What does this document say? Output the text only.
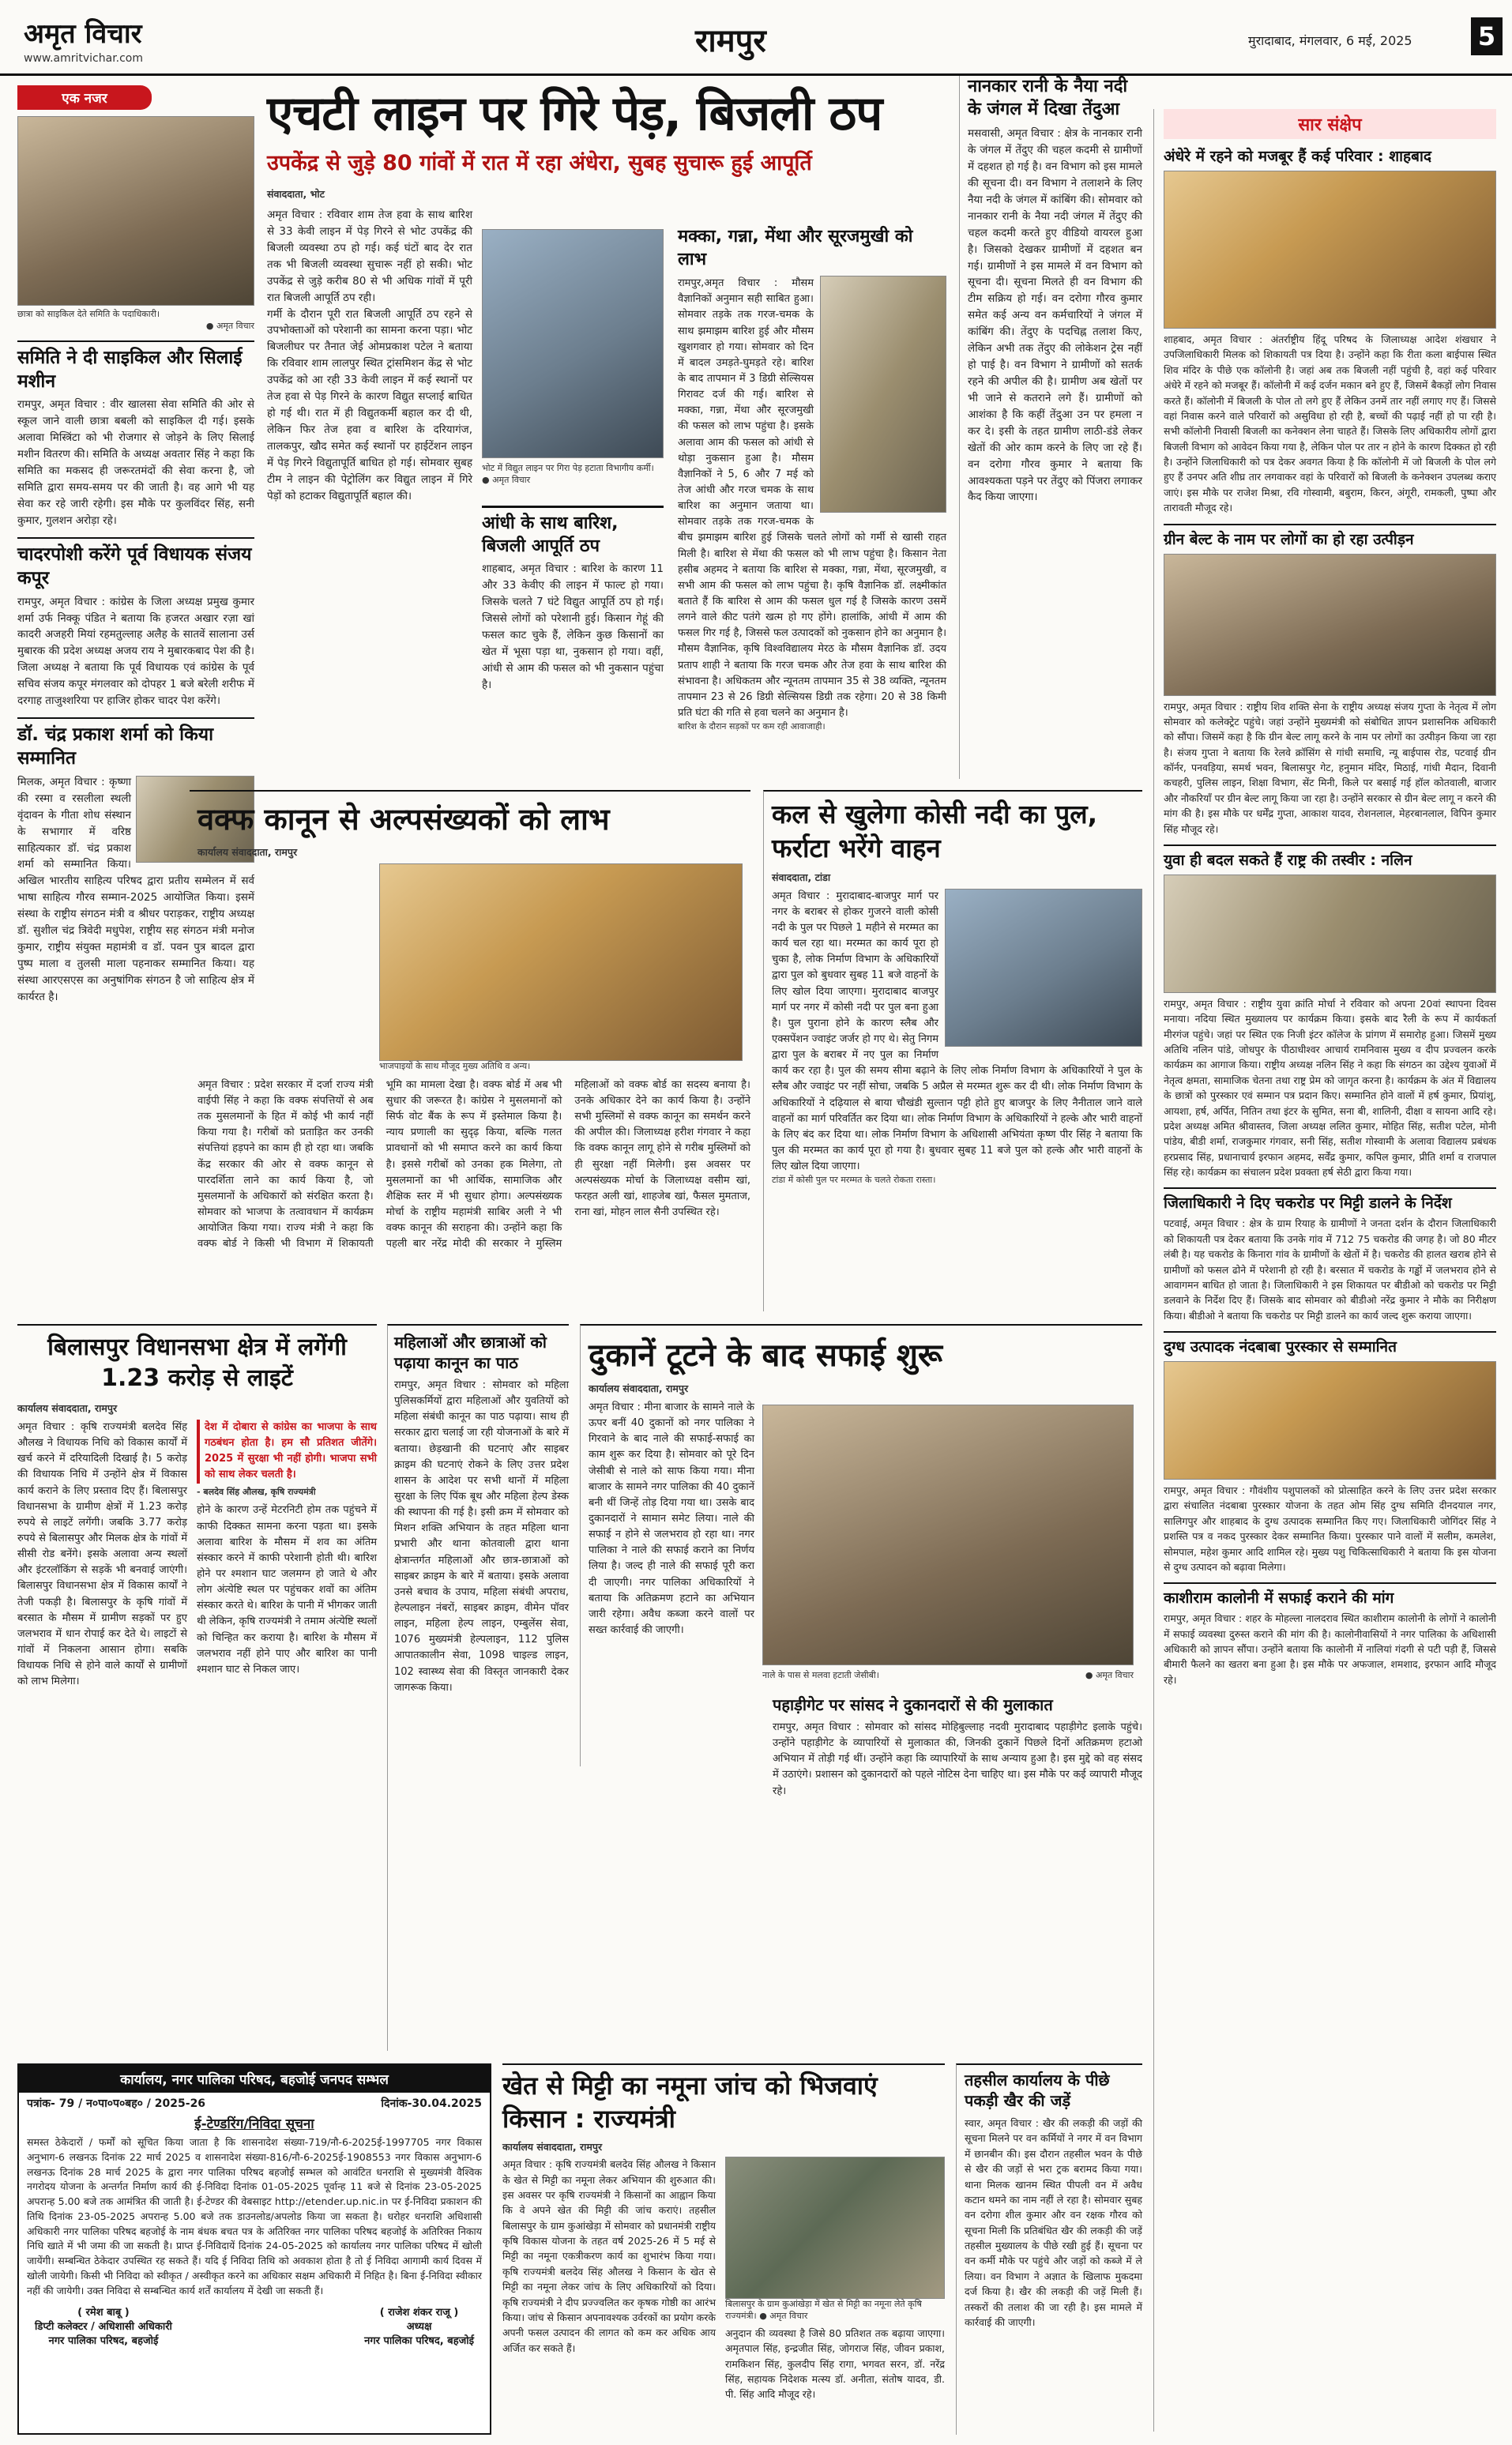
अमृत विचार
www.amritvichar.com	रामपुर	मुरादाबाद, मंगलवार, 6 मई, 2025	5
एक नजर
छात्रा को साइकिल देते समिति के पदाधिकारी।
● अमृत विचार
समिति ने दी साइकिल और सिलाई मशीन
रामपुर, अमृत विचार : वीर खालसा सेवा समिति की ओर से स्कूल जाने वाली छात्रा बबली को साइकिल दी गई। इसके अलावा मिस्त्रिंटा को भी रोजगार से जोड़ने के लिए सिलाई मशीन वितरण की। समिति के अध्यक्ष अवतार सिंह ने कहा कि समिति का मकसद ही जरूरतमंदों की सेवा करना है, जो समिति द्वारा समय-समय पर की जाती है। वह आगे भी यह सेवा कर रहे जारी रहेगी। इस मौके पर कुलविंदर सिंह, सनी कुमार, गुलशन अरोड़ा रहे।
चादरपोशी करेंगे पूर्व विधायक संजय कपूर
रामपुर, अमृत विचार : कांग्रेस के जिला अध्यक्ष प्रमुख कुमार शर्मा उर्फ निक्कू पंडित ने बताया कि हजरत अखार रज़ा खां कादरी अजहरी मियां रहमतुल्लाह अलैह के सातवें सालाना उर्स मुबारक की प्रदेश अध्यक्ष अजय राय ने मुबारकबाद पेश की है। जिला अध्यक्ष ने बताया कि पूर्व विधायक एवं कांग्रेस के पूर्व सचिव संजय कपूर मंगलवार को दोपहर 1 बजे बरेली शरीफ में दरगाह ताजुश्शरिया पर हाजिर होकर चादर पेश करेंगे।
डॉ. चंद्र प्रकाश शर्मा को किया सम्मानित
मिलक, अमृत विचार : कृष्णा की रस्मा व रसलीला स्थली वृंदावन के गीता शोध संस्थान के सभागार में वरिष्ठ साहित्यकार डॉ. चंद्र प्रकाश शर्मा को सम्मानित किया। अखिल भारतीय साहित्य परिषद द्वारा प्रतीय सम्मेलन में सर्व भाषा साहित्य गौरव सम्मान-2025 आयोजित किया। इसमें संस्था के राष्ट्रीय संगठन मंत्री व श्रीधर पराड़कर, राष्ट्रीय अध्यक्ष डॉ. सुशील चंद्र त्रिवेदी मधुपेश, राष्ट्रीय सह संगठन मंत्री मनोज कुमार, राष्ट्रीय संयुक्त महामंत्री व डॉ. पवन पुत्र बादल द्वारा पुष्प माला व तुलसी माला पहनाकर सम्मानित किया। यह संस्था आरएसएस का अनुषांगिक संगठन है जो साहित्य क्षेत्र में कार्यरत है।
एचटी लाइन पर गिरे पेड़, बिजली ठप
उपकेंद्र से जुड़े 80 गांवों में रात में रहा अंधेरा, सुबह सुचारू हुई आपूर्ति
संवाददाता, भोट
अमृत विचार : रविवार शाम तेज हवा के साथ बारिश से 33 केवी लाइन में पेड़ गिरने से भोट उपकेंद्र की बिजली व्यवस्था ठप हो गई। कई घंटों बाद देर रात तक भी बिजली व्यवस्था सुचारू नहीं हो सकी। भोट उपकेंद्र से जुड़े करीब 80 से भी अधिक गांवों में पूरी रात बिजली आपूर्ति ठप रही।
गर्मी के दौरान पूरी रात बिजली आपूर्ति ठप रहने से उपभोक्ताओं को परेशानी का सामना करना पड़ा। भोट बिजलीघर पर तैनात जेई ओमप्रकाश पटेल ने बताया कि रविवार शाम लालपुर स्थित ट्रांसमिशन केंद्र से भोट उपकेंद्र को आ रही 33 केवी लाइन में कई स्थानों पर तेज हवा से पेड़ गिरने के कारण विद्युत सप्लाई बाधित हो गई थी। रात में ही विद्युतकर्मी बहाल कर दी थी, लेकिन फिर तेज हवा व बारिश के दरियागंज, तालकपुर, खौद समेत कई स्थानों पर हाईटेंशन लाइन में पेड़ गिरने विद्युतापूर्ति बाधित हो गई। सोमवार सुबह टीम ने लाइन की पेट्रोलिंग कर विद्युत लाइन में गिरे पेड़ों को हटाकर विद्युतापूर्ति बहाल की।
भोट में विद्युत लाइन पर गिरा पेड़ हटाता विभागीय कर्मी। ● अमृत विचार
आंधी के साथ बारिश, बिजली आपूर्ति ठप
शाहबाद, अमृत विचार : बारिश के कारण 11 और 33 केवीए की लाइन में फाल्ट हो गया। जिसके चलते 7 घंटे विद्युत आपूर्ति ठप हो गई। जिससे लोगों को परेशानी हुई। किसान गेहूं की फसल काट चुके हैं, लेकिन कुछ किसानों का खेत में भूसा पड़ा था, नुकसान हो गया। वहीं, आंधी से आम की फसल को भी नुकसान पहुंचा है।
मक्का, गन्ना, मेंथा और सूरजमुखी को लाभ
रामपुर,अमृत विचार : मौसम वैज्ञानिकों अनुमान सही साबित हुआ। सोमवार तड़के तक गरज-चमक के साथ झमाझम बारिश हुई और मौसम खुशगवार हो गया। सोमवार को दिन में बादल उमड़ते-घुमड़ते रहे। बारिश के बाद तापमान में 3 डिग्री सेल्सियस गिरावट दर्ज की गई। बारिश से मक्का, गन्ना, मेंथा और सूरजमुखी की फसल को लाभ पहुंचा है। इसके अलावा आम की फसल को आंधी से थोड़ा नुकसान हुआ है। मौसम वैज्ञानिकों ने 5, 6 और 7 मई को तेज आंधी और गरज चमक के साथ बारिश का अनुमान जताया था। सोमवार तड़के तक गरज-चमक के बीच झमाझम बारिश हुई जिसके चलते लोगों को गर्मी से खासी राहत मिली है। बारिश से मेंथा की फसल को भी लाभ पहुंचा है। किसान नेता हसीब अहमद ने बताया कि बारिश से मक्का, गन्ना, मेंथा, सूरजमुखी, व सभी आम की फसल को लाभ पहुंचा है। कृषि वैज्ञानिक डॉ. लक्ष्मीकांत बताते हैं कि बारिश से आम की फसल धुल गई है जिसके कारण उसमें लगने वाले कीट पतंगे खत्म हो गए होंगे। हालांकि, आंधी में आम की फसल गिर गई है, जिससे फल उत्पादकों को नुकसान होने का अनुमान है। मौसम वैज्ञानिक, कृषि विश्वविद्यालय मेरठ के मौसम वैज्ञानिक डॉ. उदय प्रताप शाही ने बताया कि गरज चमक और तेज हवा के साथ बारिश की संभावना है। अधिकतम और न्यूनतम तापमान 35 से 38 व्यक्ति, न्यूनतम तापमान 23 से 26 डिग्री सेल्सियस डिग्री तक रहेगा। 20 से 38 किमी प्रति घंटा की गति से हवा चलने का अनुमान है।
बारिश के दौरान सड़कों पर कम रही आवाजाही।
नानकार रानी के नैया नदी के जंगल में दिखा तेंदुआ
मसवासी, अमृत विचार : क्षेत्र के नानकार रानी के जंगल में तेंदुए की चहल कदमी से ग्रामीणों में दहशत हो गई है। वन विभाग को इस मामले की सूचना दी। वन विभाग ने तलाशने के लिए नैया नदी के जंगल में कांबिंग की। सोमवार को नानकार रानी के नैया नदी जंगल में तेंदुए की चहल कदमी करते हुए वीडियो वायरल हुआ है। जिसको देखकर ग्रामीणों में दहशत बन गई। ग्रामीणों ने इस मामले में वन विभाग को सूचना दी। सूचना मिलते ही वन विभाग की टीम सक्रिय हो गई। वन दरोगा गौरव कुमार समेत कई अन्य वन कर्मचारियों ने जंगल में कांबिंग की। तेंदुए के पदचिह्न तलाश किए, लेकिन अभी तक तेंदुए की लोकेशन ट्रेस नहीं हो पाई है। वन विभाग ने ग्रामीणों को सतर्क रहने की अपील की है। ग्रामीण अब खेतों पर भी जाने से कतराने लगे हैं। ग्रामीणों को आशंका है कि कहीं तेंदुआ उन पर हमला न कर दे। इसी के तहत ग्रामीण लाठी-डंडे लेकर खेतों की ओर काम करने के लिए जा रहे हैं। वन दरोगा गौरव कुमार ने बताया कि आवश्यकता पड़ने पर तेंदुए को पिंजरा लगाकर कैद किया जाएगा।
सार संक्षेप
अंधेरे में रहने को मजबूर हैं कई परिवार : शाहबाद
शाहबाद, अमृत विचार : अंतर्राष्ट्रीय हिंदू परिषद के जिलाध्यक्ष आदेश शंखधार ने उपजिलाधिकारी मिलक को शिकायती पत्र दिया है। उन्होंने कहा कि रीता कला बाईपास स्थित शिव मंदिर के पीछे एक कॉलोनी है। जहां अब तक बिजली नहीं पहुंची है, वहां कई परिवार अंधेरे में रहने को मजबूर हैं। कॉलोनी में कई दर्जन मकान बने हुए हैं, जिसमें बैकड़ों लोग निवास करते हैं। कॉलोनी में बिजली के पोल तो लगे हुए हैं लेकिन उनमें तार नहीं लगाए गए हैं। जिससे वहां निवास करने वाले परिवारों को असुविधा हो रही है, बच्चों की पढ़ाई नहीं हो पा रही है। सभी कॉलोनी निवासी बिजली का कनेक्शन लेना चाहते हैं। जिसके लिए अधिकारीय लोगों द्वारा बिजली विभाग को आवेदन किया गया है, लेकिन पोल पर तार न होने के कारण दिक्कत हो रही है। उन्होंने जिलाधिकारी को पत्र देकर अवगत किया है कि कॉलोनी में जो बिजली के पोल लगे हुए हैं उनपर अति शीघ्र तार लगवाकर वहां के परिवारों को बिजली के कनेक्शन उपलब्ध कराए जाएं। इस मौके पर राजेश मिश्रा, रवि गोस्वामी, बबुराम, किरन, अंगूरी, रामकली, पुष्पा और तारावती मौजूद रहे।
ग्रीन बेल्ट के नाम पर लोगों का हो रहा उत्पीड़न
रामपुर, अमृत विचार : राष्ट्रीय शिव शक्ति सेना के राष्ट्रीय अध्यक्ष संजय गुप्ता के नेतृत्व में लोग सोमवार को कलेक्ट्रेट पहुंचे। जहां उन्होंने मुख्यमंत्री को संबोधित ज्ञापन प्रशासनिक अधिकारी को सौंपा। जिसमें कहा है कि ग्रीन बेल्ट लागू करने के नाम पर लोगों का उत्पीड़न किया जा रहा है। संजय गुप्ता ने बताया कि रेलवे क्रॉसिंग से गांधी समाधि, न्यू बाईपास रोड, पटवाई ग्रीन कॉर्नर, पनवड़िया, समर्थ भवन, बिलासपुर गेट, हनुमान मंदिर, मिठाई, गांधी मैदान, दिवानी कचहरी, पुलिस लाइन, शिक्षा विभाग, सेंट मिनी, किले पर बसाई गई हॉल कोतवाली, बाजार और नौकरियाँ पर ग्रीन बेल्ट लागू किया जा रहा है। उन्होंने सरकार से ग्रीन बेल्ट लागू न करने की मांग की है। इस मौके पर धर्मेंद्र गुप्ता, आकाश यादव, रोशनलाल, मेहरबानलाल, विपिन कुमार सिंह मौजूद रहे।
युवा ही बदल सकते हैं राष्ट्र की तस्वीर : नलिन
रामपुर, अमृत विचार : राष्ट्रीय युवा क्रांति मोर्चा ने रविवार को अपना 20वां स्थापना दिवस मनाया। नदिया स्थित मुख्यालय पर कार्यक्रम किया। इसके बाद रैली के रूप में कार्यकर्ता मीरगंज पहुंचे। जहां पर स्थित एक निजी इंटर कॉलेज के प्रांगण में समारोह हुआ। जिसमें मुख्य अतिथि नलिन पांडे, जोधपुर के पीठाधीश्वर आचार्य रामनिवास मुख्य व दीप प्रज्वलन करके कार्यक्रम का आगाज किया। राष्ट्रीय अध्यक्ष नलिन सिंह ने कहा कि संगठन का उद्देश्य युवाओं में नेतृत्व क्षमता, सामाजिक चेतना तथा राष्ट्र प्रेम को जागृत करना है। कार्यक्रम के अंत में विद्यालय के छात्रों को पुरस्कार एवं सम्मान पत्र प्रदान किए। सम्मानित होने वालों में हर्ष कुमार, प्रियांशु, आयशा, हर्ष, अर्पित, नितिन तथा इंटर के सुमित, सना बी, शालिनी, दीक्षा व सायना आदि रहे। प्रदेश अध्यक्ष अमित श्रीवास्तव, जिला अध्यक्ष ललित कुमार, मोहित सिंह, सतीश पटेल, मोनी पांडेय, बीडी शर्मा, राजकुमार गंगवार, सनी सिंह, सतीश गोस्वामी के अलावा विद्यालय प्रबंधक हरप्रसाद सिंह, प्रधानाचार्य इरफान अहमद, सर्वेंद्र कुमार, कपिल कुमार, प्रीति शर्मा व राजपाल सिंह रहे। कार्यक्रम का संचालन प्रदेश प्रवक्ता हर्ष सेठी द्वारा किया गया।
जिलाधिकारी ने दिए चकरोड पर मिट्टी डालने के निर्देश
पटवाई, अमृत विचार : क्षेत्र के ग्राम रियाह के ग्रामीणों ने जनता दर्शन के दौरान जिलाधिकारी को शिकायती पत्र देकर बताया कि उनके गांव में 712 75 चकरोड की जगह है। जो 80 मीटर लंबी है। यह चकरोड के किनारा गांव के ग्रामीणों के खेतों में है। चकरोड की हालत खराब होने से ग्रामीणों को फसल ढोने में परेशानी हो रही है। बरसात में चकरोड के गड्ढों में जलभराव होने से आवागमन बाधित हो जाता है। जिलाधिकारी ने इस शिकायत पर बीडीओ को चकरोड पर मिट्टी डलवाने के निर्देश दिए हैं। जिसके बाद सोमवार को बीडीओ नरेंद्र कुमार ने मौके का निरीक्षण किया। बीडीओ ने बताया कि चकरोड पर मिट्टी डालने का कार्य जल्द शुरू कराया जाएगा।
दुग्ध उत्पादक नंदबाबा पुरस्कार से सम्मानित
रामपुर, अमृत विचार : गौवंशीय पशुपालकों को प्रोत्साहित करने के लिए उत्तर प्रदेश सरकार द्वारा संचालित नंदबाबा पुरस्कार योजना के तहत ओम सिंह दुग्ध समिति दीनदयाल नगर, सालिगपुर और शाहबाद के दुग्ध उत्पादक सम्मानित किए गए। जिलाधिकारी जोगिंदर सिंह ने प्रशस्ति पत्र व नकद पुरस्कार देकर सम्मानित किया। पुरस्कार पाने वालों में सलीम, कमलेश, सोमपाल, महेश कुमार आदि शामिल रहे। मुख्य पशु चिकित्साधिकारी ने बताया कि इस योजना से दुग्ध उत्पादन को बढ़ावा मिलेगा।
काशीराम कालोनी में सफाई कराने की मांग
रामपुर, अमृत विचार : शहर के मोहल्ला नालदराव स्थित काशीराम कालोनी के लोगों ने कालोनी में सफाई व्यवस्था दुरुस्त कराने की मांग की है। कालोनीवासियों ने नगर पालिका के अधिशासी अधिकारी को ज्ञापन सौंपा। उन्होंने बताया कि कालोनी में नालियां गंदगी से पटी पड़ी हैं, जिससे बीमारी फैलने का खतरा बना हुआ है। इस मौके पर अफजाल, शमशाद, इरफान आदि मौजूद रहे।
वक्फ कानून से अल्पसंख्यकों को लाभ
कार्यालय संवाददाता, रामपुर
भाजपाइयों के साथ मौजूद मुख्य अतिथि व अन्य।
अमृत विचार : प्रदेश सरकार में दर्जा राज्य मंत्री वाईपी सिंह ने कहा कि वक्फ संपत्तियों से अब तक मुसलमानों के हित में कोई भी कार्य नहीं किया गया है। गरीबों को प्रताड़ित कर उनकी संपत्तियां हड़पने का काम ही हो रहा था। जबकि केंद्र सरकार की ओर से वक्फ कानून से पारदर्शिता लाने का कार्य किया है, जो मुसलमानों के अधिकारों को संरक्षित करता है। सोमवार को भाजपा के तत्वावधान में कार्यक्रम आयोजित किया गया। राज्य मंत्री ने कहा कि वक्फ बोर्ड ने किसी भी विभाग में शिकायती भूमि का मामला देखा है। वक्फ बोर्ड में अब भी सुधार की जरूरत है। कांग्रेस ने मुसलमानों को सिर्फ वोट बैंक के रूप में इस्तेमाल किया है। न्याय प्रणाली का सुदृढ़ किया, बल्कि गलत प्रावधानों को भी समाप्त करने का कार्य किया है। इससे गरीबों को उनका हक मिलेगा, तो मुसलमानों का भी आर्थिक, सामाजिक और शैक्षिक स्तर में भी सुधार होगा। अल्पसंख्यक मोर्चा के राष्ट्रीय महामंत्री साबिर अली ने भी वक्फ कानून की सराहना की। उन्होंने कहा कि पहली बार नरेंद्र मोदी की सरकार ने मुस्लिम महिलाओं को वक्फ बोर्ड का सदस्य बनाया है। उनके अधिकार देने का कार्य किया है। उन्होंने सभी मुस्लिमों से वक्फ कानून का समर्थन करने की अपील की। जिलाध्यक्ष हरीश गंगवार ने कहा कि वक्फ कानून लागू होने से गरीब मुस्लिमों को ही सुरक्षा नहीं मिलेगी। इस अवसर पर अल्पसंख्यक मोर्चा के जिलाध्यक्ष वसीम खां, फरहत अली खां, शाहजेब खां, फैसल मुमताज, राना खां, मोहन लाल सैनी उपस्थित रहे।
कल से खुलेगा कोसी नदी का पुल, फर्राटा भरेंगे वाहन
संवाददाता, टांडा
अमृत विचार : मुरादाबाद-बाजपुर मार्ग पर नगर के बराबर से होकर गुजरने वाली कोसी नदी के पुल पर पिछले 1 महीने से मरम्मत का कार्य चल रहा था। मरम्मत का कार्य पूरा हो चुका है, लोक निर्माण विभाग के अधिकारियों द्वारा पुल को बुधवार सुबह 11 बजे वाहनों के लिए खोल दिया जाएगा। मुरादाबाद बाजपुर मार्ग पर नगर में कोसी नदी पर पुल बना हुआ है। पुल पुराना होने के कारण स्लैब और एक्सपेंशन ज्वाइंट जर्जर हो गए थे। सेतु निगम द्वारा पुल के बराबर में नए पुल का निर्माण कार्य कर रहा है। पुल की समय सीमा बढ़ाने के लिए लोक निर्माण विभाग के अधिकारियों ने पुल के स्लैब और ज्वाइंट पर नहीं सोचा, जबकि 5 अप्रैल से मरम्मत शुरू कर दी थी। लोक निर्माण विभाग के अधिकारियों ने दढ़ियाल से बाया चौखंडी सुल्तान पट्टी होते हुए बाजपुर के लिए नैनीताल जाने वाले वाहनों का मार्ग परिवर्तित कर दिया था। लोक निर्माण विभाग के अधिकारियों ने हल्के और भारी वाहनों के लिए बंद कर दिया था। लोक निर्माण विभाग के अधिशासी अभियंता कृष्ण पीर सिंह ने बताया कि पुल की मरम्मत का कार्य पूरा हो गया है। बुधवार सुबह 11 बजे पुल को हल्के और भारी वाहनों के लिए खोल दिया जाएगा।
टांडा में कोसी पुल पर मरम्मत के चलते रोकता रास्ता।
बिलासपुर विधानसभा क्षेत्र में लगेंगी 1.23 करोड़ से लाइटें
कार्यालय संवाददाता, रामपुर
अमृत विचार : कृषि राज्यमंत्री बलदेव सिंह औलख ने विधायक निधि को विकास कार्यों में खर्च करने में दरियादिली दिखाई है। 5 करोड़ की विधायक निधि में उन्होंने क्षेत्र में विकास कार्य कराने के लिए प्रस्ताव दिए हैं। बिलासपुर विधानसभा के ग्रामीण क्षेत्रों में 1.23 करोड़ रुपये से लाइटें लगेंगी। जबकि 3.77 करोड़ रुपये से बिलासपुर और मिलक क्षेत्र के गांवों में सीसी रोड बनेंगे। इसके अलावा अन्य स्थलों और इंटरलॉकिंग से सड़कें भी बनवाई जाएंगी। बिलासपुर विधानसभा क्षेत्र में विकास कार्यों ने तेजी पकड़ी है। बिलासपुर के कृषि गांवों में बरसात के मौसम में ग्रामीण सड़कों पर हुए जलभराव में धान रोपाई कर देते थे। लाइटों से गांवों में निकलना आसान होगा। सबकि विधायक निधि से होने वाले कार्यों से ग्रामीणों को लाभ मिलेगा।
देश में दोबारा से कांग्रेस का भाजपा के साथ गठबंधन होता है। हम सौ प्रतिशत जीतेंगे। 2025 में सुरक्षा भी नहीं होगी। भाजपा सभी को साथ लेकर चलती है।
- बलदेव सिंह औलख, कृषि राज्यमंत्री
होने के कारण उन्हें मेटरनिटी होम तक पहुंचने में काफी दिक्कत सामना करना पड़ता था। इसके अलावा बारिश के मौसम में शव का अंतिम संस्कार करने में काफी परेशानी होती थी। बारिश होने पर श्मशान घाट जलमग्न हो जाते थे और लोग अंत्येष्टि स्थल पर पहुंचकर शवों का अंतिम संस्कार करते थे। बारिश के पानी में भीगकर जाती थी लेकिन, कृषि राज्यमंत्री ने तमाम अंत्येष्टि स्थलों को चिन्हित कर कराया है। बारिश के मौसम में जलभराव नहीं होने पाए और बारिश का पानी श्मशान घाट से निकल जाए।
महिलाओं और छात्राओं को पढ़ाया कानून का पाठ
रामपुर, अमृत विचार : सोमवार को महिला पुलिसकर्मियों द्वारा महिलाओं और युवतियों को महिला संबंधी कानून का पाठ पढ़ाया। साथ ही सरकार द्वारा चलाई जा रही योजनाओं के बारे में बताया। छेड़खानी की घटनाएं और साइबर क्राइम की घटनाएं रोकने के लिए उत्तर प्रदेश शासन के आदेश पर सभी थानों में महिला सुरक्षा के लिए पिंक बूथ और महिला हेल्प डेस्क की स्थापना की गई है। इसी क्रम में सोमवार को मिशन शक्ति अभियान के तहत महिला थाना प्रभारी और थाना कोतवाली द्वारा थाना क्षेत्रान्तर्गत महिलाओं और छात्र-छात्राओं को साइबर क्राइम के बारे में बताया। इसके अलावा उनसे बचाव के उपाय, महिला संबंधी अपराध, हेल्पलाइन नंबरों, साइबर क्राइम, वीमेन पॉवर लाइन, महिला हेल्प लाइन, एम्बुलेंस सेवा, 1076 मुख्यमंत्री हेल्पलाइन, 112 पुलिस आपातकालीन सेवा, 1098 चाइल्ड लाइन, 102 स्वास्थ्य सेवा की विस्तृत जानकारी देकर जागरूक किया।
दुकानें टूटने के बाद सफाई शुरू
कार्यालय संवाददाता, रामपुर
नाले के पास से मलवा हटाती जेसीबी।	● अमृत विचार
अमृत विचार : मीना बाजार के सामने नाले के ऊपर बनीं 40 दुकानों को नगर पालिका ने गिरवाने के बाद नाले की सफाई-सफाई का काम शुरू कर दिया है। सोमवार को पूरे दिन जेसीबी से नाले को साफ किया गया। मीना बाजार के सामने नगर पालिका की 40 दुकानें बनी थीं जिन्हें तोड़ दिया गया था। उसके बाद दुकानदारों ने सामान समेट लिया। नाले की सफाई न होने से जलभराव हो रहा था। नगर पालिका ने नाले की सफाई कराने का निर्णय लिया है। जल्द ही नाले की सफाई पूरी करा दी जाएगी। नगर पालिका अधिकारियों ने बताया कि अतिक्रमण हटाने का अभियान जारी रहेगा। अवैध कब्जा करने वालों पर सख्त कार्रवाई की जाएगी।
पहाड़ीगेट पर सांसद ने दुकानदारों से की मुलाकात
रामपुर, अमृत विचार : सोमवार को सांसद मोहिबुल्लाह नदवी मुरादाबाद पहाड़ीगेट इलाके पहुंचे। उन्होंने पहाड़ीगेट के व्यापारियों से मुलाकात की, जिनकी दुकानें पिछले दिनों अतिक्रमण हटाओ अभियान में तोड़ी गई थीं। उन्होंने कहा कि व्यापारियों के साथ अन्याय हुआ है। इस मुद्दे को वह संसद में उठाएंगे। प्रशासन को दुकानदारों को पहले नोटिस देना चाहिए था। इस मौके पर कई व्यापारी मौजूद रहे।
कार्यालय, नगर पालिका परिषद, बहजोई जनपद सम्भल
पत्रांक- 79 / न०पा०प०बह० / 2025-26	दिनांक-30.04.2025
ई-टेण्डरिंग/निविदा सूचना
समस्त ठेकेदारों / फर्मों को सूचित किया जाता है कि शासनादेश संख्या-719/नौ-6-2025ई-1997705 नगर विकास अनुभाग-6 लखनऊ दिनांक 22 मार्च 2025 व शासनादेश संख्या-816/नौ-6-2025ई-1908553 नगर विकास अनुभाग-6 लखनऊ दिनांक 28 मार्च 2025 के द्वारा नगर पालिका परिषद बहजोई सम्भल को आवंटित धनराशि से मुख्यमंत्री वैश्विक नगरोदय योजना के अन्तर्गत निर्माण कार्य की ई-निविदा दिनांक 01-05-2025 पूर्वान्ह 11 बजे से दिनांक 23-05-2025 अपरान्ह 5.00 बजे तक आमंत्रित की जाती है। ई-टेण्डर की वेबसाइट http://etender.up.nic.in पर ई-निविदा प्रकाशन की तिथि दिनांक 23-05-2025 अपरान्ह 5.00 बजे तक डाउनलोड/अपलोड किया जा सकता है। धरोहर धनराशि अधिशासी अधिकारी नगर पालिका परिषद बहजोई के नाम बंधक बचत पत्र के अतिरिक्त नगर पालिका परिषद बहजोई के अतिरिक्त निकाय निधि खाते में भी जमा की जा सकती है। प्राप्त ई-निविदायें दिनांक 24-05-2025 को कार्यालय नगर पालिका परिषद में खोली जायेंगी। सम्बन्धित ठेकेदार उपस्थित रह सकते हैं। यदि ई निविदा तिथि को अवकाश होता है तो ई निविदा आगामी कार्य दिवस में खोली जायेगी। किसी भी निविदा को स्वीकृत / अस्वीकृत करने का अधिकार सक्षम अधिकारी में निहित है। बिना ई-निविदा स्वीकार नहीं की जायेगी। उक्त निविदा से सम्बन्धित कार्य शर्तें कार्यालय में देखी जा सकती हैं।
( रमेश बाबू )
डिप्टी कलेक्टर / अधिशासी अधिकारी
नगर पालिका परिषद, बहजोई
( राजेश शंकर राजू )
अध्यक्ष
नगर पालिका परिषद, बहजोई
खेत से मिट्टी का नमूना जांच को भिजवाएं किसान : राज्यमंत्री
कार्यालय संवाददाता, रामपुर
अमृत विचार : कृषि राज्यमंत्री बलदेव सिंह औलख ने किसान के खेत से मिट्टी का नमूना लेकर अभियान की शुरुआत की। इस अवसर पर कृषि राज्यमंत्री ने किसानों का आह्वान किया कि वे अपने खेत की मिट्टी की जांच कराएं। तहसील बिलासपुर के ग्राम कुआंखेड़ा में सोमवार को प्रधानमंत्री राष्ट्रीय कृषि विकास योजना के तहत वर्ष 2025-26 में 5 मई से मिट्टी का नमूना एकत्रीकरण कार्य का शुभारंभ किया गया। कृषि राज्यमंत्री बलदेव सिंह औलख ने किसान के खेत से मिट्टी का नमूना लेकर जांच के लिए अधिकारियों को दिया। कृषि राज्यमंत्री ने दीप प्रज्ज्वलित कर कृषक गोष्ठी का आरंभ किया। जांच से किसान अपनावश्यक उर्वरकों का प्रयोग करके अपनी फसल उत्पादन की लागत को कम कर अधिक आय अर्जित कर सकते हैं।
बिलासपुर के ग्राम कुआंखेड़ा में खेत से मिट्टी का नमूना लेते कृषि राज्यमंत्री। ● अमृत विचार
अनुदान की व्यवस्था है जिसे 80 प्रतिशत तक बढ़ाया जाएगा। अमृतपाल सिंह, इन्द्रजीत सिंह, जोगराज सिंह, जीवन प्रकाश, रामकिशन सिंह, कुलदीप सिंह रागा, भगवत सरन, डॉ. नरेंद्र सिंह, सहायक निदेशक मत्स्य डॉ. अनीता, संतोष यादव, डी. पी. सिंह आदि मौजूद रहे।
तहसील कार्यालय के पीछे पकड़ी खैर की जड़ें
स्वार, अमृत विचार : खैर की लकड़ी की जड़ों की सूचना मिलने पर वन कर्मियों ने नगर में वन विभाग में छानबीन की। इस दौरान तहसील भवन के पीछे से खैर की जड़ों से भरा ट्रक बरामद किया गया। थाना मिलक खानम स्थित पीपली वन में अवैध कटान थमने का नाम नहीं ले रहा है। सोमवार सुबह वन दरोगा शील कुमार और वन रक्षक गौरव को सूचना मिली कि प्रतिबंधित खैर की लकड़ी की जड़ें तहसील मुख्यालय के पीछे रखी हुई हैं। सूचना पर वन कर्मी मौके पर पहुंचे और जड़ों को कब्जे में ले लिया। वन विभाग ने अज्ञात के खिलाफ मुकदमा दर्ज किया है। खैर की लकड़ी की जड़ें मिली हैं। तस्करों की तलाश की जा रही है। इस मामले में कार्रवाई की जाएगी।
